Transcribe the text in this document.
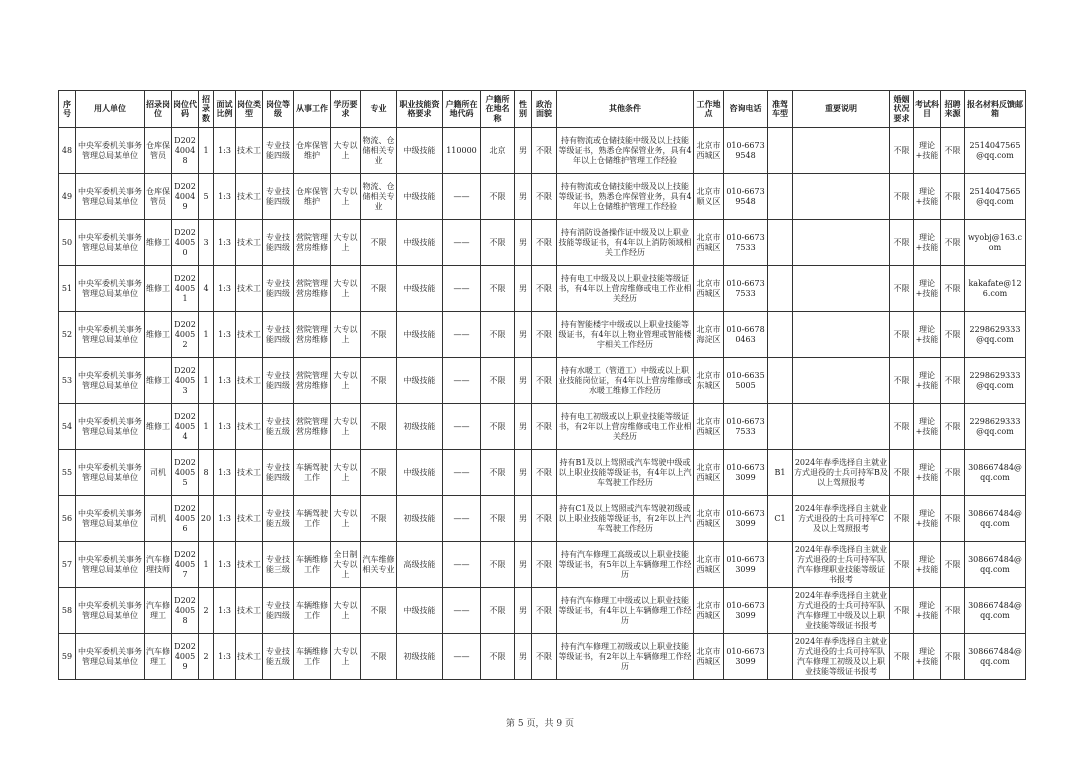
序号	用人单位	招录岗位	岗位代码	招录数	面试比例	岗位类型	岗位等级	从事工作	学历要求	专业	职业技能资格要求	户籍所在地代码	户籍所在地名称	性别	政治面貌	其他条件	工作地点	咨询电话	准驾车型	重要说明	婚姻状况要求	考试科目	招聘来源	报名材料反馈邮箱
48	中央军委机关事务管理总局某单位	仓库保管员	D20240048	1	1:3	技术工	专业技能四级	仓库保管维护	大专以上	物流、仓储相关专业	中级技能	110000	北京	男	不限	持有物流或仓储技能中级及以上技能等级证书，熟悉仓库保管业务，具有4年以上仓储维护管理工作经验	北京市西城区	010-66739548			不限	理论+技能	不限	2514047565@qq.com
49	中央军委机关事务管理总局某单位	仓库保管员	D20240049	5	1:3	技术工	专业技能四级	仓库保管维护	大专以上	物流、仓储相关专业	中级技能	——	不限	男	不限	持有物流或仓储技能中级及以上技能等级证书，熟悉仓库保管业务，具有4年以上仓储维护管理工作经验	北京市顺义区	010-66739548			不限	理论+技能	不限	2514047565@qq.com
50	中央军委机关事务管理总局某单位	维修工	D20240050	3	1:3	技术工	专业技能四级	营院管理营房维修	大专以上	不限	中级技能	——	不限	男	不限	持有消防设备操作证中级及以上职业技能等级证书，有4年以上消防领域相关工作经历	北京市西城区	010-66737533			不限	理论+技能	不限	wyobj@163.com
51	中央军委机关事务管理总局某单位	维修工	D20240051	4	1:3	技术工	专业技能四级	营院管理营房维修	大专以上	不限	中级技能	——	不限	男	不限	持有电工中级及以上职业技能等级证书，有4年以上营房维修或电工作业相关经历	北京市西城区	010-66737533			不限	理论+技能	不限	kakafate@126.com
52	中央军委机关事务管理总局某单位	维修工	D20240052	1	1:3	技术工	专业技能四级	营院管理营房维修	大专以上	不限	中级技能	——	不限	男	不限	持有智能楼宇中级或以上职业技能等级证书，有4年以上物业管理或智能楼宇相关工作经历	北京市海淀区	010-66780463			不限	理论+技能	不限	2298629333@qq.com
53	中央军委机关事务管理总局某单位	维修工	D20240053	1	1:3	技术工	专业技能四级	营院管理营房维修	大专以上	不限	中级技能	——	不限	男	不限	持有水暖工（管道工）中级或以上职业技能岗位证，有4年以上营房维修或水暖工维修工作经历	北京市东城区	010-66355005			不限	理论+技能	不限	2298629333@qq.com
54	中央军委机关事务管理总局某单位	维修工	D20240054	1	1:3	技术工	专业技能五级	营院管理营房维修	大专以上	不限	初级技能	——	不限	男	不限	持有电工初级或以上职业技能等级证书，有2年以上营房维修或电工作业相关经历	北京市西城区	010-66737533			不限	理论+技能	不限	2298629333@qq.com
55	中央军委机关事务管理总局某单位	司机	D20240055	8	1:3	技术工	专业技能四级	车辆驾驶工作	大专以上	不限	中级技能	——	不限	男	不限	持有B1及以上驾照或汽车驾驶中级或以上职业技能等级证书，有4年以上汽车驾驶工作经历	北京市西城区	010-66733099	B1	2024年春季选择自主就业方式退役的士兵可持军B及以上驾照报考	不限	理论+技能	不限	308667484@qq.com
56	中央军委机关事务管理总局某单位	司机	D20240056	20	1:3	技术工	专业技能五级	车辆驾驶工作	大专以上	不限	初级技能	——	不限	男	不限	持有C1及以上驾照或汽车驾驶初级或以上职业技能等级证书，有2年以上汽车驾驶工作经历	北京市西城区	010-66733099	C1	2024年春季选择自主就业方式退役的士兵可持军C及以上驾照报考	不限	理论+技能	不限	308667484@qq.com
57	中央军委机关事务管理总局某单位	汽车修理技师	D20240057	1	1:3	技术工	专业技能三级	车辆维修工作	全日制大专以上	汽车维修相关专业	高级技能	——	不限	男	不限	持有汽车修理工高级或以上职业技能等级证书，有5年以上车辆修理工作经历	北京市西城区	010-66733099		2024年春季选择自主就业方式退役的士兵可持军队汽车修理职业技能等级证书报考	不限	理论+技能	不限	308667484@qq.com
58	中央军委机关事务管理总局某单位	汽车修理工	D20240058	2	1:3	技术工	专业技能四级	车辆维修工作	大专以上	不限	中级技能	——	不限	男	不限	持有汽车修理工中级或以上职业技能等级证书，有4年以上车辆修理工作经历	北京市西城区	010-66733099		2024年春季选择自主就业方式退役的士兵可持军队汽车修理工中级及以上职业技能等级证书报考	不限	理论+技能	不限	308667484@qq.com
59	中央军委机关事务管理总局某单位	汽车修理工	D20240059	2	1:3	技术工	专业技能五级	车辆维修工作	大专以上	不限	初级技能	——	不限	男	不限	持有汽车修理工初级或以上职业技能等级证书，有2年以上车辆修理工作经历	北京市西城区	010-66733099		2024年春季选择自主就业方式退役的士兵可持军队汽车修理工初级及以上职业技能等级证书报考	不限	理论+技能	不限	308667484@qq.com
第 5 页，共 9 页
